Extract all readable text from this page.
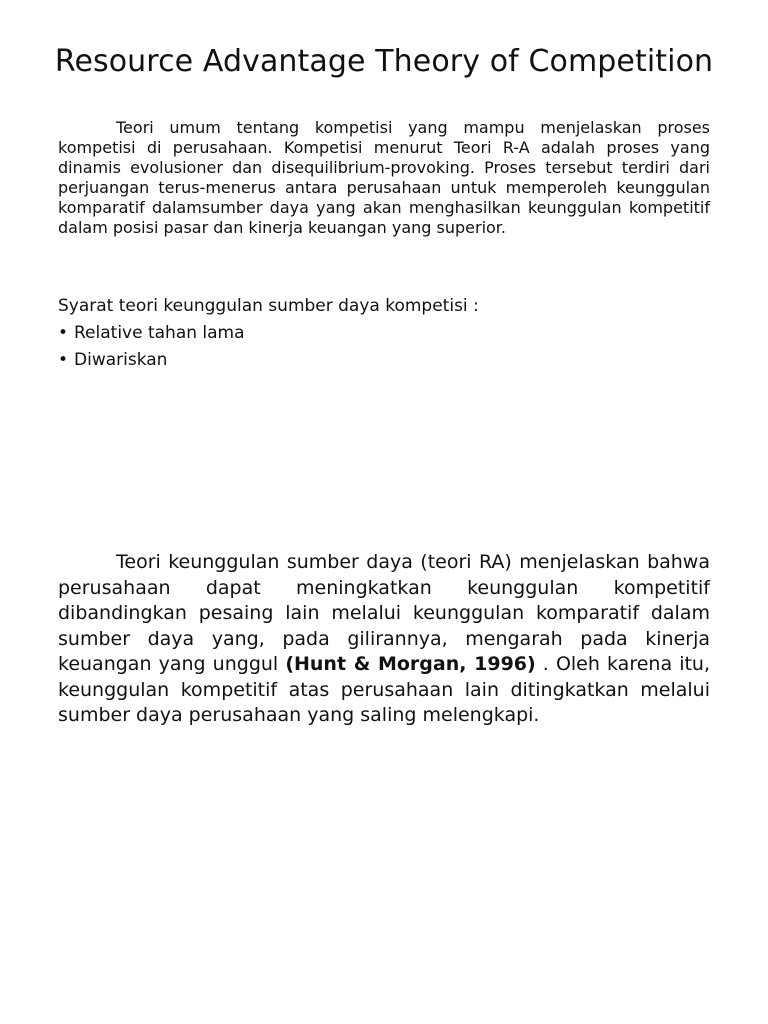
Resource Advantage Theory of Competition

Teori umum tentang kompetisi yang mampu menjelaskan proses kompetisi di perusahaan. Kompetisi menurut Teori R-A adalah proses yang dinamis evolusioner dan disequilibrium-provoking. Proses tersebut terdiri dari perjuangan terus-menerus antara perusahaan untuk memperoleh keunggulan komparatif dalamsumber daya yang akan menghasilkan keunggulan kompetitif dalam posisi pasar dan kinerja keuangan yang superior.

Syarat teori keunggulan sumber daya kompetisi :

• Relative tahan lama
• Diwariskan

Teori keunggulan sumber daya (teori RA) menjelaskan bahwa perusahaan dapat meningkatkan keunggulan kompetitif dibandingkan pesaing lain melalui keunggulan komparatif dalam sumber daya yang, pada gilirannya, mengarah pada kinerja keuangan yang unggul (Hunt & Morgan, 1996) . Oleh karena itu, keunggulan kompetitif atas perusahaan lain ditingkatkan melalui sumber daya perusahaan yang saling melengkapi.
